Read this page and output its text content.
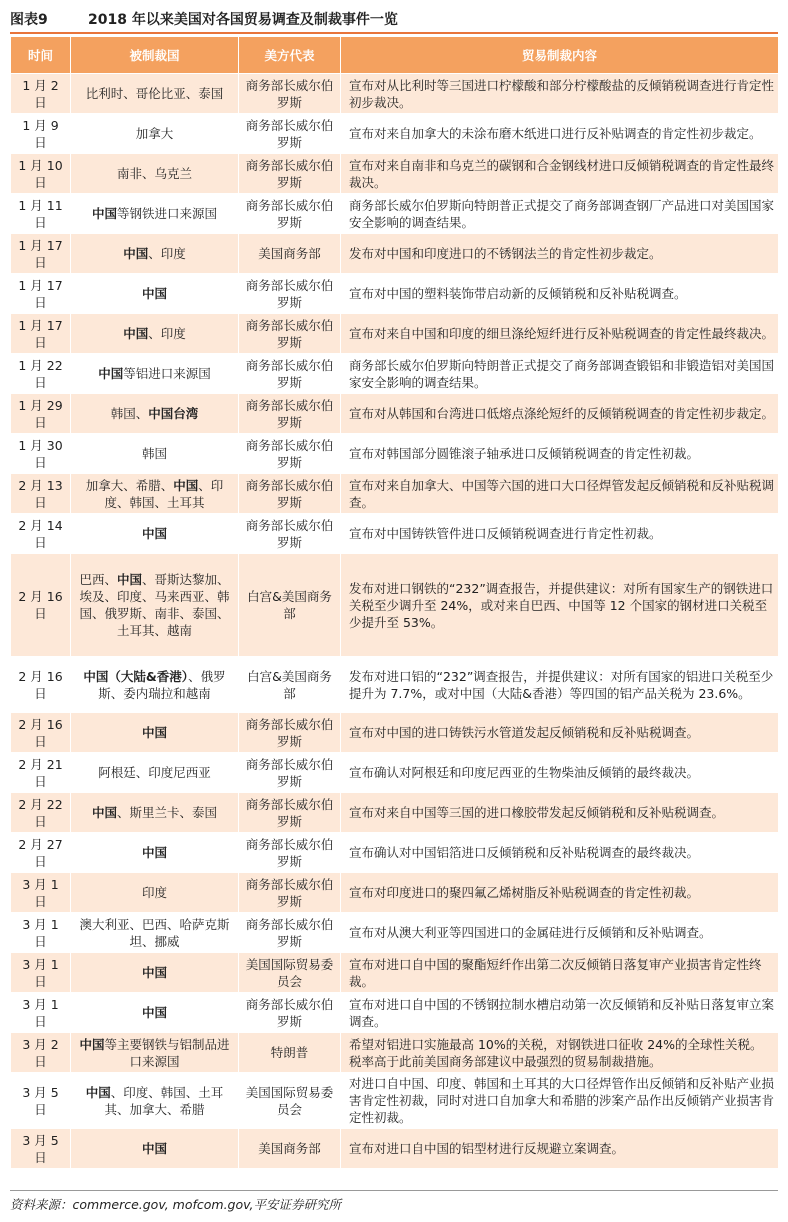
图表9	2018 年以来美国对各国贸易调查及制裁事件一览
时间	被制裁国	美方代表	贸易制裁内容
1 月 2 日	比利时、哥伦比亚、泰国	商务部长威尔伯罗斯	宣布对从比利时等三国进口柠檬酸和部分柠檬酸盐的反倾销税调查进行肯定性初步裁决。
1 月 9 日	加拿大	商务部长威尔伯罗斯	宣布对来自加拿大的未涂布磨木纸进口进行反补贴调查的肯定性初步裁定。
1 月 10 日	南非、乌克兰	商务部长威尔伯罗斯	宣布对来自南非和乌克兰的碳钢和合金钢线材进口反倾销税调查的肯定性最终裁决。
1 月 11 日	中国等钢铁进口来源国	商务部长威尔伯罗斯	商务部长威尔伯罗斯向特朗普正式提交了商务部调查钢厂产品进口对美国国家安全影响的调查结果。
1 月 17 日	中国、印度	美国商务部	发布对中国和印度进口的不锈钢法兰的肯定性初步裁定。
1 月 17 日	中国	商务部长威尔伯罗斯	宣布对中国的塑料装饰带启动新的反倾销税和反补贴税调查。
1 月 17 日	中国、印度	商务部长威尔伯罗斯	宣布对来自中国和印度的细旦涤纶短纤进行反补贴税调查的肯定性最终裁决。
1 月 22 日	中国等铝进口来源国	商务部长威尔伯罗斯	商务部长威尔伯罗斯向特朗普正式提交了商务部调查锻铝和非锻造铝对美国国家安全影响的调查结果。
1 月 29 日	韩国、中国台湾	商务部长威尔伯罗斯	宣布对从韩国和台湾进口低熔点涤纶短纤的反倾销税调查的肯定性初步裁定。
1 月 30 日	韩国	商务部长威尔伯罗斯	宣布对韩国部分圆锥滚子轴承进口反倾销税调查的肯定性初裁。
2 月 13 日	加拿大、希腊、中国、印度、韩国、土耳其	商务部长威尔伯罗斯	宣布对来自加拿大、中国等六国的进口大口径焊管发起反倾销税和反补贴税调查。
2 月 14 日	中国	商务部长威尔伯罗斯	宣布对中国铸铁管件进口反倾销税调查进行肯定性初裁。
2 月 16 日	巴西、中国、哥斯达黎加、埃及、印度、马来西亚、韩国、俄罗斯、南非、泰国、土耳其、越南	白宫&美国商务部	发布对进口钢铁的“232”调查报告，并提供建议：对所有国家生产的钢铁进口关税至少调升至 24%，或对来自巴西、中国等 12 个国家的钢材进口关税至少提升至 53%。
2 月 16 日	中国（大陆&香港）、俄罗斯、委内瑞拉和越南	白宫&美国商务部	发布对进口铝的“232”调查报告，并提供建议：对所有国家的铝进口关税至少提升为 7.7%，或对中国（大陆&香港）等四国的铝产品关税为 23.6%。
2 月 16 日	中国	商务部长威尔伯罗斯	宣布对中国的进口铸铁污水管道发起反倾销税和反补贴税调查。
2 月 21 日	阿根廷、印度尼西亚	商务部长威尔伯罗斯	宣布确认对阿根廷和印度尼西亚的生物柴油反倾销的最终裁决。
2 月 22 日	中国、斯里兰卡、泰国	商务部长威尔伯罗斯	宣布对来自中国等三国的进口橡胶带发起反倾销税和反补贴税调查。
2 月 27 日	中国	商务部长威尔伯罗斯	宣布确认对中国铝箔进口反倾销税和反补贴税调查的最终裁决。
3 月 1 日	印度	商务部长威尔伯罗斯	宣布对印度进口的聚四氟乙烯树脂反补贴税调查的肯定性初裁。
3 月 1 日	澳大利亚、巴西、哈萨克斯坦、挪威	商务部长威尔伯罗斯	宣布对从澳大利亚等四国进口的金属硅进行反倾销和反补贴调查。
3 月 1 日	中国	美国国际贸易委员会	宣布对进口自中国的聚酯短纤作出第二次反倾销日落复审产业损害肯定性终裁。
3 月 1 日	中国	商务部长威尔伯罗斯	宣布对进口自中国的不锈钢拉制水槽启动第一次反倾销和反补贴日落复审立案调查。
3 月 2 日	中国等主要钢铁与铝制品进口来源国	特朗普	希望对铝进口实施最高 10%的关税，对钢铁进口征收 24%的全球性关税。税率高于此前美国商务部建议中最强烈的贸易制裁措施。
3 月 5 日	中国、印度、韩国、土耳其、加拿大、希腊	美国国际贸易委员会	对进口自中国、印度、韩国和土耳其的大口径焊管作出反倾销和反补贴产业损害肯定性初裁，同时对进口自加拿大和希腊的涉案产品作出反倾销产业损害肯定性初裁。
3 月 5 日	中国	美国商务部	宣布对进口自中国的铝型材进行反规避立案调查。
资料来源：commerce.gov, mofcom.gov,平安证券研究所
